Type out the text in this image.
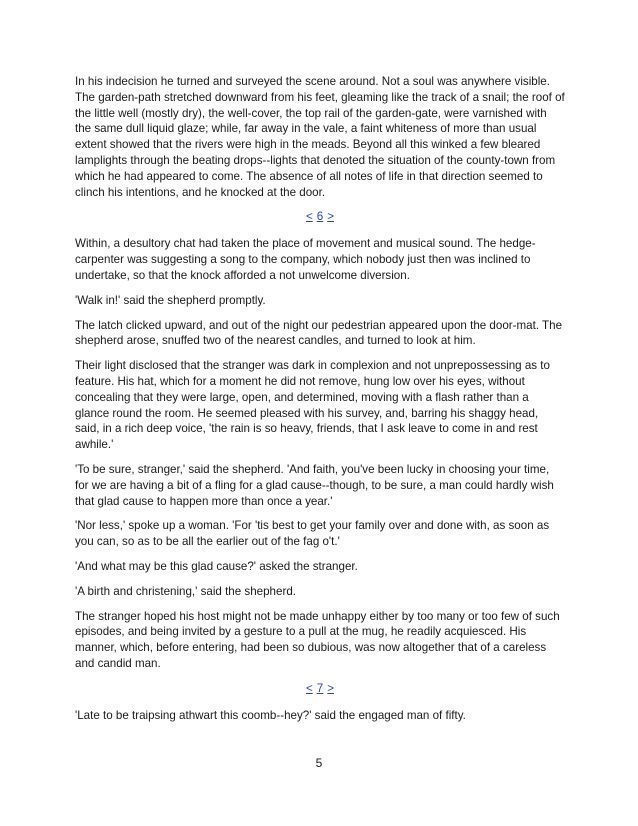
In his indecision he turned and surveyed the scene around. Not a soul was anywhere visible. The garden-path stretched downward from his feet, gleaming like the track of a snail; the roof of the little well (mostly dry), the well-cover, the top rail of the garden-gate, were varnished with the same dull liquid glaze; while, far away in the vale, a faint whiteness of more than usual extent showed that the rivers were high in the meads. Beyond all this winked a few bleared lamplights through the beating drops--lights that denoted the situation of the county-town from which he had appeared to come. The absence of all notes of life in that direction seemed to clinch his intentions, and he knocked at the door.

< 6 >

Within, a desultory chat had taken the place of movement and musical sound. The hedge-carpenter was suggesting a song to the company, which nobody just then was inclined to undertake, so that the knock afforded a not unwelcome diversion.

'Walk in!' said the shepherd promptly.

The latch clicked upward, and out of the night our pedestrian appeared upon the door-mat. The shepherd arose, snuffed two of the nearest candles, and turned to look at him.

Their light disclosed that the stranger was dark in complexion and not unprepossessing as to feature. His hat, which for a moment he did not remove, hung low over his eyes, without concealing that they were large, open, and determined, moving with a flash rather than a glance round the room. He seemed pleased with his survey, and, barring his shaggy head, said, in a rich deep voice, 'the rain is so heavy, friends, that I ask leave to come in and rest awhile.'

'To be sure, stranger,' said the shepherd. 'And faith, you've been lucky in choosing your time, for we are having a bit of a fling for a glad cause--though, to be sure, a man could hardly wish that glad cause to happen more than once a year.'

'Nor less,' spoke up a woman. 'For 'tis best to get your family over and done with, as soon as you can, so as to be all the earlier out of the fag o't.'

'And what may be this glad cause?' asked the stranger.

'A birth and christening,' said the shepherd.

The stranger hoped his host might not be made unhappy either by too many or too few of such episodes, and being invited by a gesture to a pull at the mug, he readily acquiesced. His manner, which, before entering, had been so dubious, was now altogether that of a careless and candid man.

< 7 >

'Late to be traipsing athwart this coomb--hey?' said the engaged man of fifty.

5
